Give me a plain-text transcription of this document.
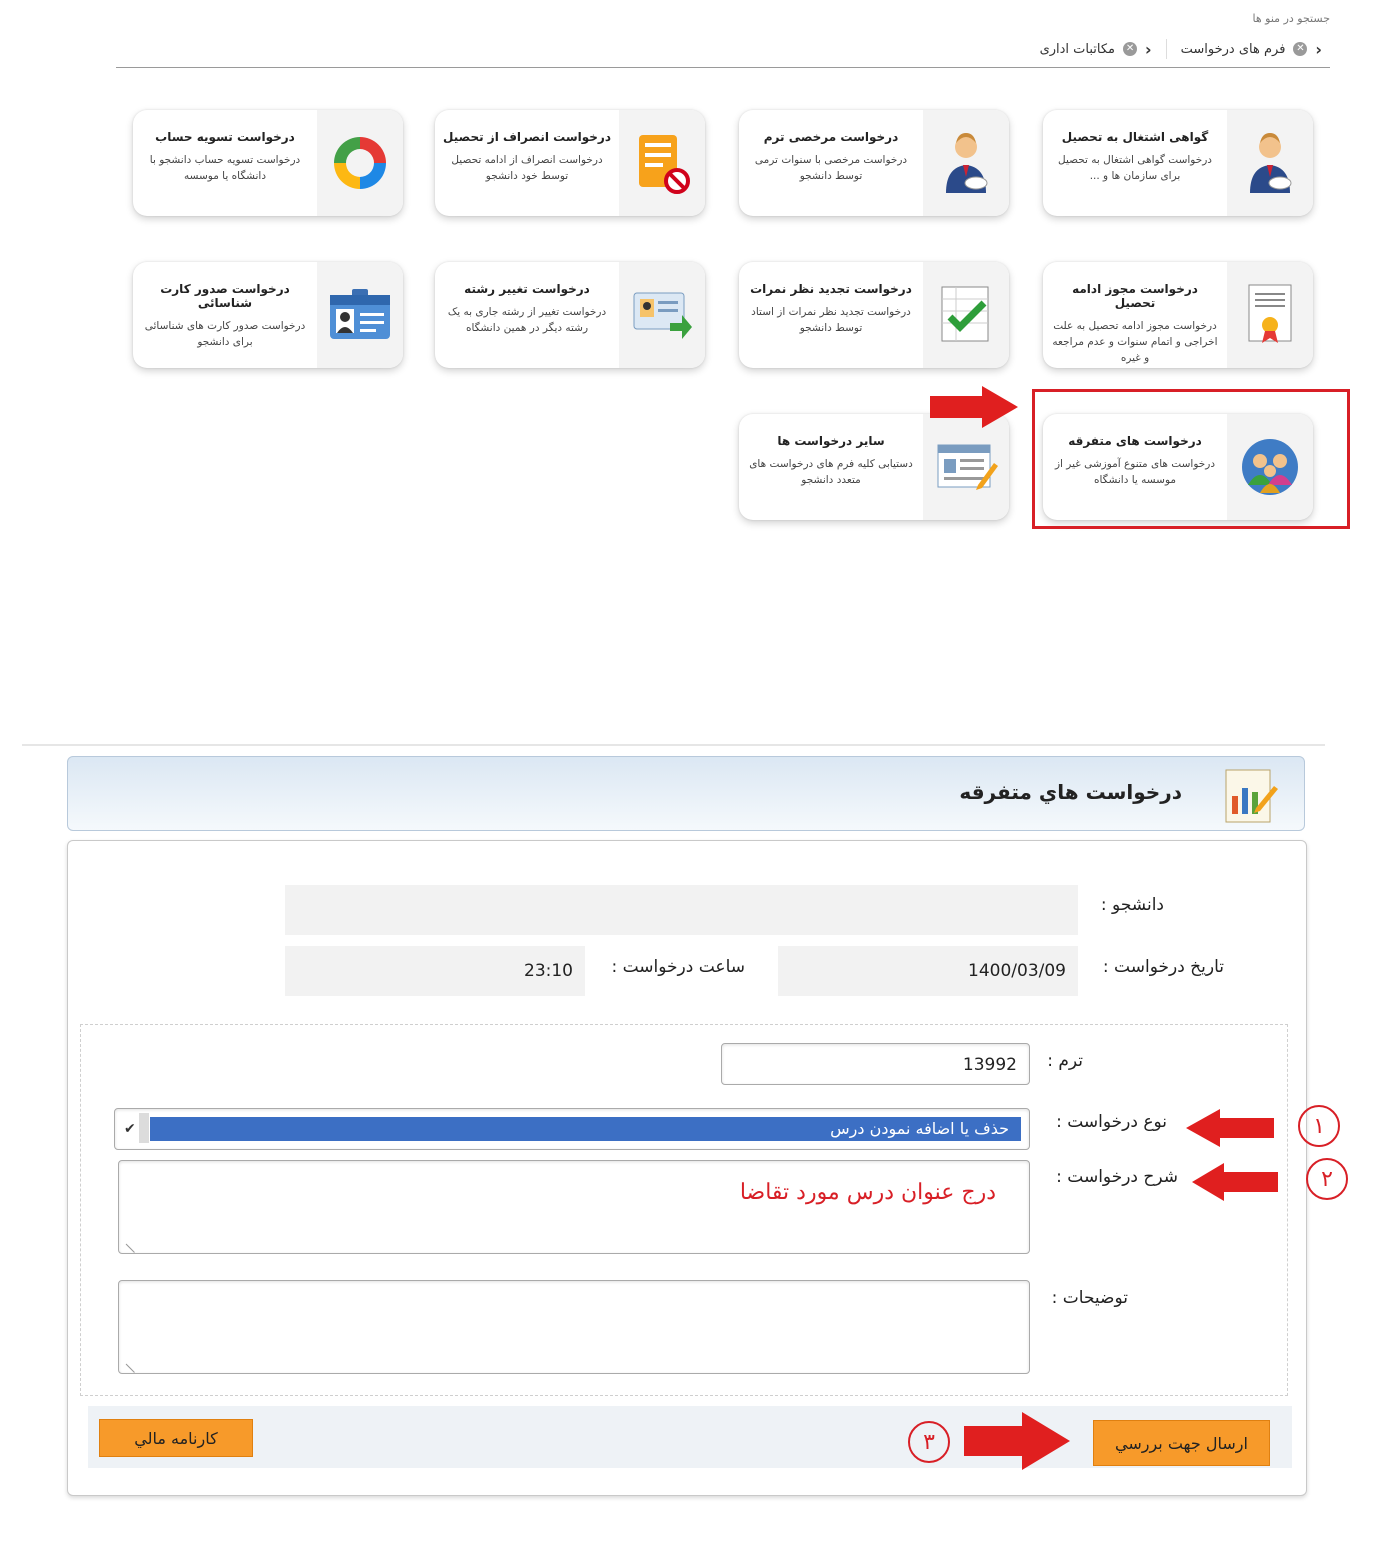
جستجو در منو ها
مکاتبات اداری ✕ ‹ فرم های درخواست ✕ ‹
گواهی اشتغال به تحصیل
درخواست گواهی اشتغال به تحصیل برای سازمان ها و ...
درخواست مرخصی ترم
درخواست مرخصی با سنوات ترمی توسط دانشجو
درخواست انصراف از تحصیل
درخواست انصراف از ادامه تحصیل توسط خود دانشجو
درخواست تسویه حساب
درخواست تسویه حساب دانشجو با دانشگاه یا موسسه
درخواست مجوز ادامه تحصیل
درخواست مجوز ادامه تحصیل به علت اخراجی و اتمام سنوات و عدم مراجعه و غیره
درخواست تجدید نظر نمرات
درخواست تجدید نظر نمرات از استاد توسط دانشجو
درخواست تغییر رشته
درخواست تغییر از رشته جاری به یک رشته دیگر در همین دانشگاه
درخواست صدور کارت شناسائی
درخواست صدور کارت های شناسائی برای دانشجو
درخواست های متفرقه
درخواست های متنوع آموزشی غیر از موسسه یا دانشگاه
سایر درخواست ها
دستیابی کلیه فرم های درخواست های متعدد دانشجو
درخواست هاي متفرقه
دانشجو :
تاريخ درخواست :
1400/03/09
ساعت درخواست :
23:10
ترم :
13992
نوع درخواست :
✔	حذف يا اضافه نمودن درس
شرح درخواست :
درج عنوان درس مورد تقاضا
توضيحات :
ارسال جهت بررسي
کارنامه مالي
۱
۲
۳
